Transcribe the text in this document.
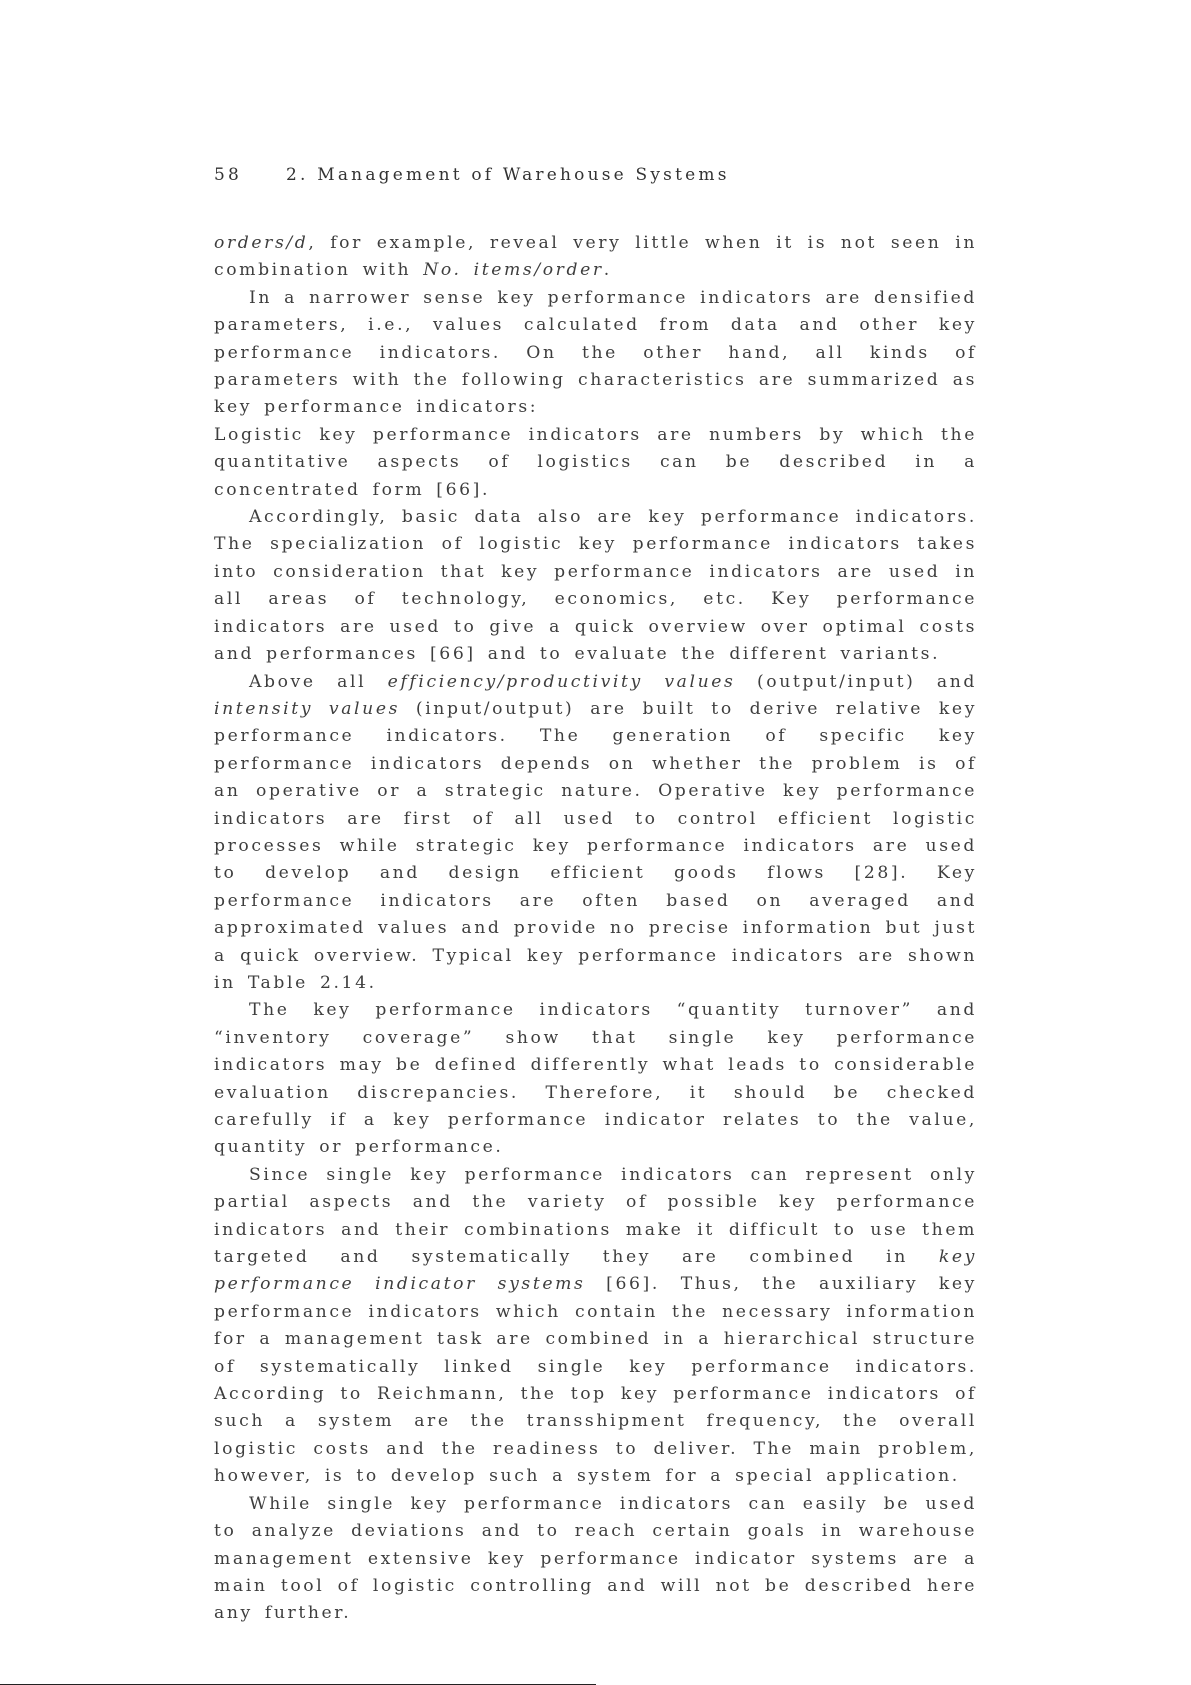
58	2. Management of Warehouse Systems

orders/d, for example, reveal very little when it is not seen in combination with No. items/order.

In a narrower sense key performance indicators are densified parameters, i.e., values calculated from data and other key performance indicators. On the other hand, all kinds of parameters with the following characteristics are summarized as key performance indicators:

Logistic key performance indicators are numbers by which the quantitative aspects of logistics can be described in a concentrated form [66].

Accordingly, basic data also are key performance indicators. The specialization of logistic key performance indicators takes into consideration that key performance indicators are used in all areas of technology, economics, etc. Key performance indicators are used to give a quick overview over optimal costs and performances [66] and to evaluate the different variants.

Above all efficiency/productivity values (output/input) and intensity values (input/output) are built to derive relative key performance indicators. The generation of specific key performance indicators depends on whether the problem is of an operative or a strategic nature. Operative key performance indicators are first of all used to control efficient logistic processes while strategic key performance indicators are used to develop and design efficient goods flows [28]. Key performance indicators are often based on averaged and approximated values and provide no precise information but just a quick overview. Typical key performance indicators are shown in Table 2.14.

The key performance indicators “quantity turnover” and “inventory coverage” show that single key performance indicators may be defined differently what leads to considerable evaluation discrepancies. Therefore, it should be checked carefully if a key performance indicator relates to the value, quantity or performance.

Since single key performance indicators can represent only partial aspects and the variety of possible key performance indicators and their combinations make it difficult to use them targeted and systematically they are combined in key performance indicator systems [66]. Thus, the auxiliary key performance indicators which contain the necessary information for a management task are combined in a hierarchical structure of systematically linked single key performance indicators. According to Reichmann, the top key performance indicators of such a system are the transshipment frequency, the overall logistic costs and the readiness to deliver. The main problem, however, is to develop such a system for a special application.

While single key performance indicators can easily be used to analyze deviations and to reach certain goals in warehouse management extensive key performance indicator systems are a main tool of logistic controlling and will not be described here any further.
